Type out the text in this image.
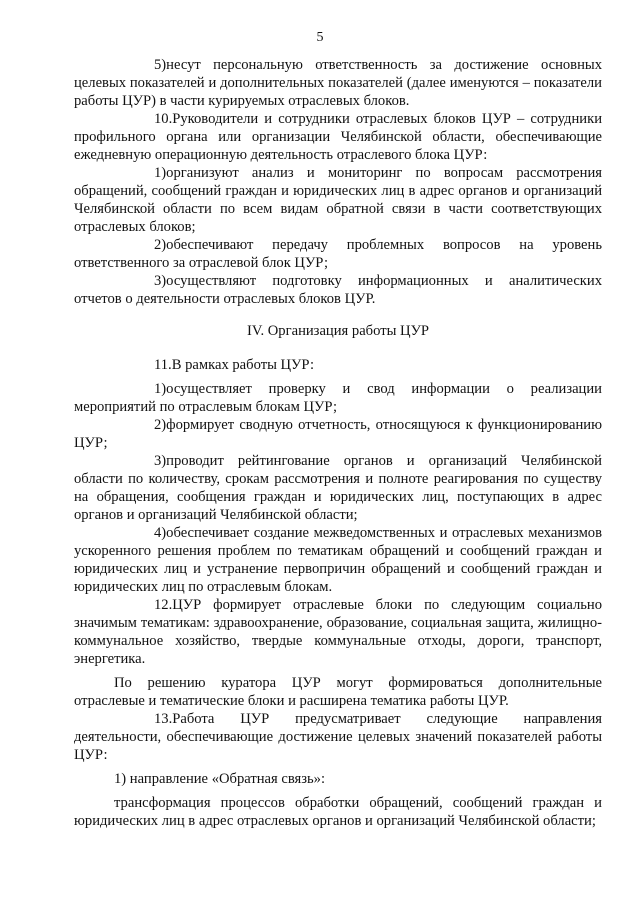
5

5)несут персональную ответственность за достижение основных целевых показателей и дополнительных показателей (далее именуются – показатели работы ЦУР) в части курируемых отраслевых блоков.

10.Руководители и сотрудники отраслевых блоков ЦУР – сотрудники профильного органа или организации Челябинской области, обеспечивающие ежедневную операционную деятельность отраслевого блока ЦУР:

1)организуют анализ и мониторинг по вопросам рассмотрения обращений, сообщений граждан и юридических лиц в адрес органов и организаций Челябинской области по всем видам обратной связи в части соответствующих отраслевых блоков;

2)обеспечивают передачу проблемных вопросов на уровень ответственного за отраслевой блок ЦУР;

3)осуществляют подготовку информационных и аналитических отчетов о деятельности отраслевых блоков ЦУР.

IV. Организация работы ЦУР

11.В рамках работы ЦУР:

1)осуществляет проверку и свод информации о реализации мероприятий по отраслевым блокам ЦУР;

2)формирует сводную отчетность, относящуюся к функционированию ЦУР;

3)проводит рейтингование органов и организаций Челябинской области по количеству, срокам рассмотрения и полноте реагирования по существу на обращения, сообщения граждан и юридических лиц, поступающих в адрес органов и организаций Челябинской области;

4)обеспечивает создание межведомственных и отраслевых механизмов ускоренного решения проблем по тематикам обращений и сообщений граждан и юридических лиц и устранение первопричин обращений и сообщений граждан и юридических лиц по отраслевым блокам.

12.ЦУР формирует отраслевые блоки по следующим социально значимым тематикам: здравоохранение, образование, социальная защита, жилищно-коммунальное хозяйство, твердые коммунальные отходы, дороги, транспорт, энергетика.

По решению куратора ЦУР могут формироваться дополнительные отраслевые и тематические блоки и расширена тематика работы ЦУР.

13.Работа ЦУР предусматривает следующие направления деятельности, обеспечивающие достижение целевых значений показателей работы ЦУР:

1) направление «Обратная связь»:

трансформация процессов обработки обращений, сообщений граждан и юридических лиц в адрес отраслевых органов и организаций Челябинской области;
